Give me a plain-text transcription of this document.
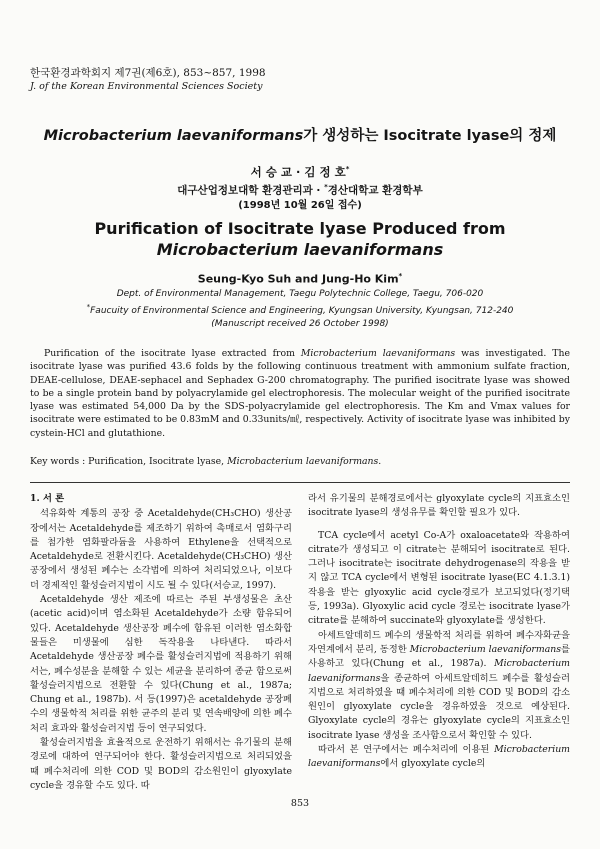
한국환경과학회지 제7권(제6호), 853~857, 1998
J. of the Korean Environmental Sciences Society
Microbacterium laevaniformans가 생성하는 Isocitrate lyase의 정제
서 승 교 · 김 정 호*
대구산업정보대학 환경관리과 · *경산대학교 환경학부
(1998년 10월 26일 접수)
Purification of Isocitrate lyase Produced from
Microbacterium laevaniformans
Seung-Kyo Suh and Jung-Ho Kim*
Dept. of Environmental Management, Taegu Polytechnic College, Taegu, 706-020
*Faucuity of Environmental Science and Engineering, Kyungsan University, Kyungsan, 712-240
(Manuscript received 26 October 1998)
Purification of the isocitrate lyase extracted from Microbacterium laevaniformans was investigated. The isocitrate lyase was purified 43.6 folds by the following continuous treatment with ammonium sulfate fraction, DEAE-cellulose, DEAE-sephacel and Sephadex G-200 chromatography. The purified isocitrate lyase was showed to be a single protein band by polyacrylamide gel electrophoresis. The molecular weight of the purified isocitrate lyase was estimated 54,000 Da by the SDS-polyacrylamide gel electrophoresis. The Km and Vmax values for isocitrate were estimated to be 0.83mM and 0.33units/㎖, respectively. Activity of isocitrate lyase was inhibited by cystein-HCl and glutathione.
Key words : Purification, Isocitrate lyase, Microbacterium laevaniformans.

1. 서 론

석유화학 계통의 공장 중 Acetaldehyde(CH₃CHO) 생산공장에서는 Acetaldehyde를 제조하기 위하여 촉매로서 염화구리를 첨가한 염화팔라듐을 사용하여 Ethylene을 선택적으로 Acetaldehyde로 전환시킨다. Acetaldehyde(CH₃CHO) 생산공장에서 생성된 폐수는 소각법에 의하여 처리되었으나, 이보다 더 경제적인 활성슬러지법이 시도 될 수 있다(서승교, 1997).

Acetaldehyde 생산 제조에 따르는 주된 부생성물은 초산(acetic acid)이며 염소화된 Acetaldehyde가 소량 함유되어 있다. Acetaldehyde 생산공장 폐수에 함유된 이러한 염소화합물들은 미생물에 심한 독작용을 나타낸다. 따라서 Acetaldehyde 생산공장 폐수를 활성슬러지법에 적용하기 위해서는, 폐수성분을 분해할 수 있는 세균을 분리하여 종균 함으로써 활성슬러지법으로 전환할 수 있다(Chung et al., 1987a; Chung et al., 1987b). 서 등(1997)은 acetaldehyde 공장폐수의 생물학적 처리를 위한 균주의 분리 및 연속배양에 의한 폐수처리 효과와 활성슬러지법 등이 연구되었다.

활성슬러지법을 효율적으로 운전하기 위해서는 유기물의 분해경로에 대하여 연구되어야 한다. 활성슬러지법으로 처리되었을 때 폐수처리에 의한 COD 및 BOD의 감소원인이 glyoxylate cycle을 경유할 수도 있다. 따

라서 유기물의 분해경로에서는 glyoxylate cycle의 지표효소인 isocitrate lyase의 생성유무를 확인할 필요가 있다.

TCA cycle에서 acetyl Co-A가 oxaloacetate와 작용하여 citrate가 생성되고 이 citrate는 분해되어 isocitrate로 된다. 그러나 isocitrate는 isocitrate dehydrogenase의 작용을 받지 않고 TCA cycle에서 변형된 isocitrate lyase(EC 4.1.3.1)작용을 받는 glyoxylic acid cycle경로가 보고되었다(정기택 등, 1993a). Glyoxylic acid cycle 경로는 isocitrate lyase가 citrate를 분해하여 succinate와 glyoxylate를 생성한다.

아세트알데히드 폐수의 생물학적 처리를 위하여 폐수자화균을 자연계에서 분리, 동정한 Microbacterium laevaniformans를 사용하고 있다(Chung et al., 1987a). Microbacterium laevaniformans을 종균하여 아세트알데히드 폐수를 활성슬러지법으로 처리하였을 때 폐수처리에 의한 COD 및 BOD의 감소원인이 glyoxylate cycle을 경유하였을 것으로 예상된다. Glyoxylate cycle의 경유는 glyoxylate cycle의 지표효소인 isocitrate lyase 생성을 조사함으로서 확인할 수 있다.

따라서 본 연구에서는 폐수처리에 이용된 Microbacterium laevaniformans에서 glyoxylate cycle의

853
